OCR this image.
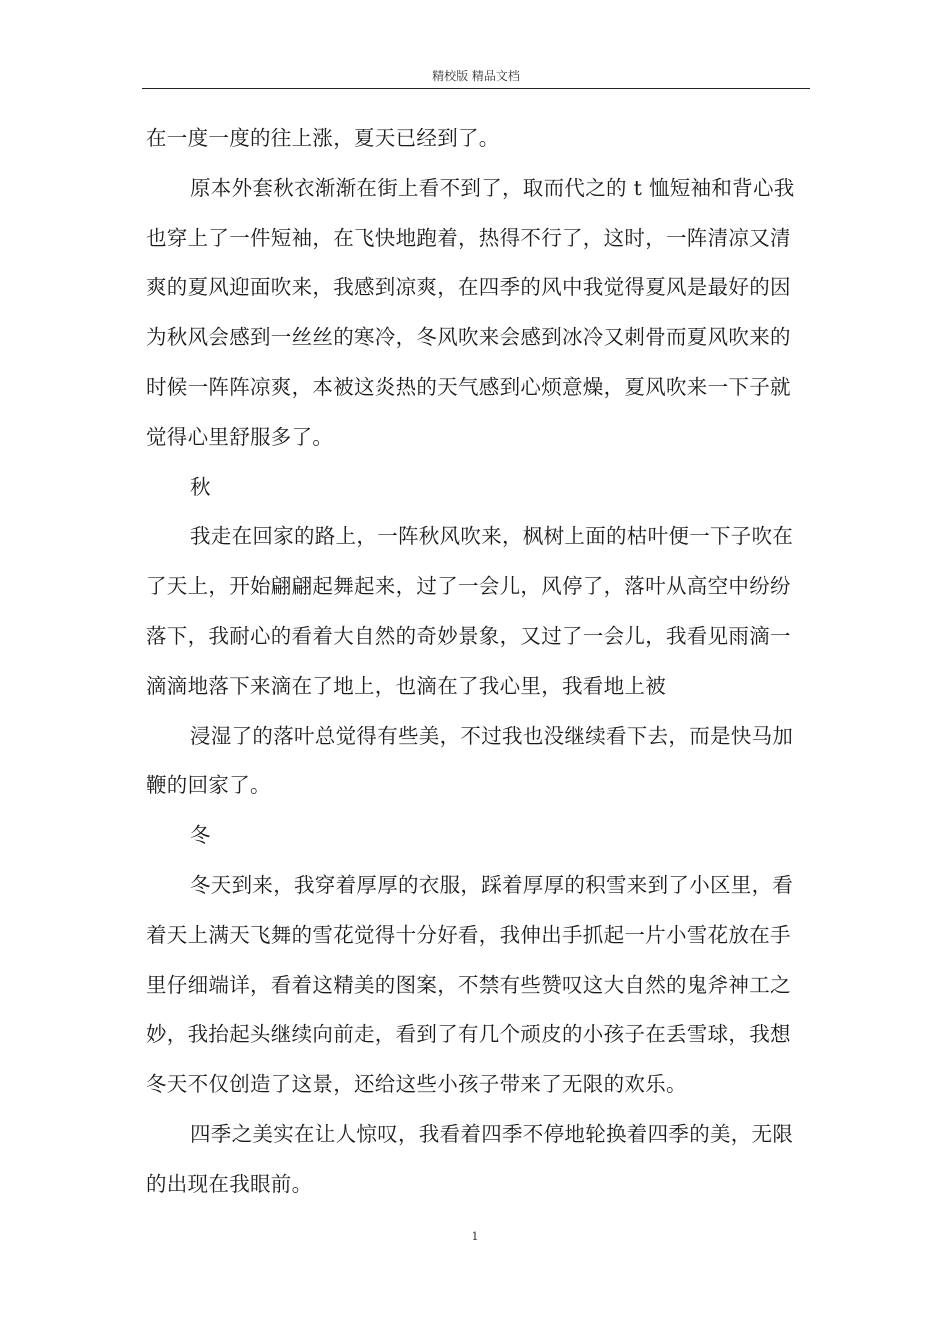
精校版 精品文档

在一度一度的往上涨，夏天已经到了。

原本外套秋衣渐渐在街上看不到了，取而代之的 t 恤短袖和背心我也穿上了一件短袖，在飞快地跑着，热得不行了，这时，一阵清凉又清爽的夏风迎面吹来，我感到凉爽，在四季的风中我觉得夏风是最好的因为秋风会感到一丝丝的寒冷，冬风吹来会感到冰冷又刺骨而夏风吹来的时候一阵阵凉爽，本被这炎热的天气感到心烦意燥，夏风吹来一下子就觉得心里舒服多了。

秋

我走在回家的路上，一阵秋风吹来，枫树上面的枯叶便一下子吹在了天上，开始翩翩起舞起来，过了一会儿，风停了，落叶从高空中纷纷落下，我耐心的看着大自然的奇妙景象，又过了一会儿，我看见雨滴一滴滴地落下来滴在了地上，也滴在了我心里，我看地上被

浸湿了的落叶总觉得有些美，不过我也没继续看下去，而是快马加鞭的回家了。

冬

冬天到来，我穿着厚厚的衣服，踩着厚厚的积雪来到了小区里，看着天上满天飞舞的雪花觉得十分好看，我伸出手抓起一片小雪花放在手里仔细端详，看着这精美的图案，不禁有些赞叹这大自然的鬼斧神工之妙，我抬起头继续向前走，看到了有几个顽皮的小孩子在丢雪球，我想冬天不仅创造了这景，还给这些小孩子带来了无限的欢乐。

四季之美实在让人惊叹，我看着四季不停地轮换着四季的美，无限的出现在我眼前。

1
